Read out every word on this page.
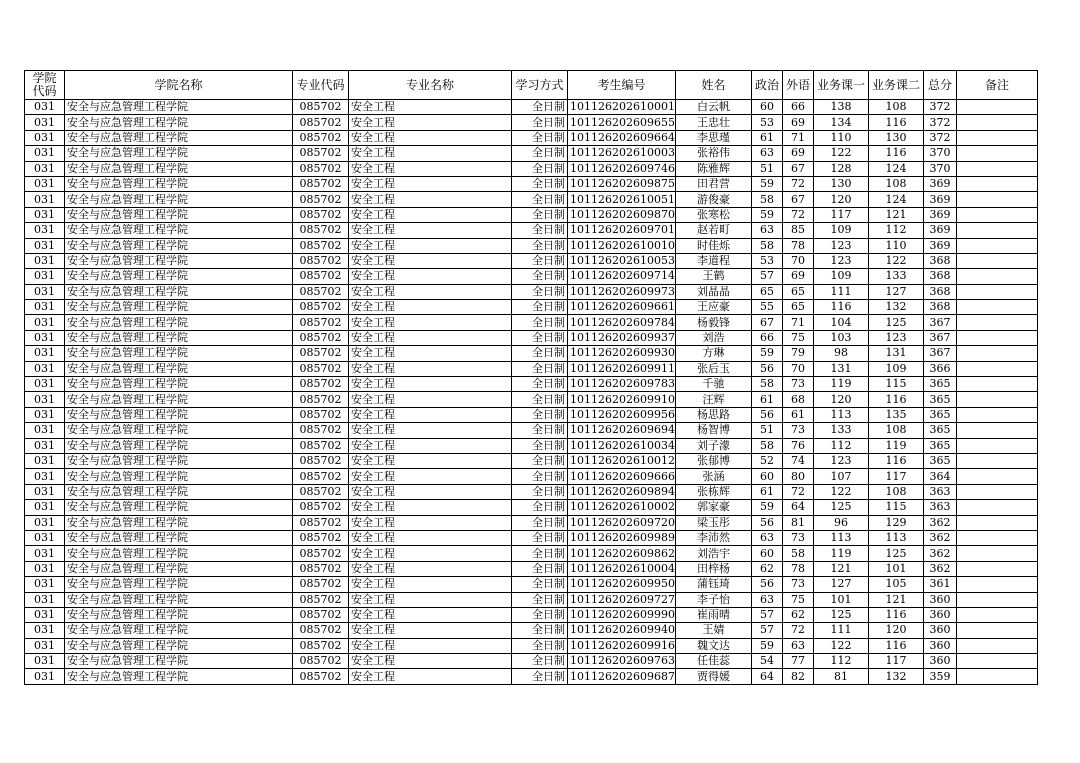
学院代码	学院名称	专业代码	专业名称	学习方式	考生编号	姓名	政治	外语	业务课一	业务课二	总分	备注
031	安全与应急管理工程学院	085702	安全工程	全日制	101126202610001	白云帆	60	66	138	108	372	
031	安全与应急管理工程学院	085702	安全工程	全日制	101126202609655	王忠壮	53	69	134	116	372	
031	安全与应急管理工程学院	085702	安全工程	全日制	101126202609664	李思瑾	61	71	110	130	372	
031	安全与应急管理工程学院	085702	安全工程	全日制	101126202610003	张裕伟	63	69	122	116	370	
031	安全与应急管理工程学院	085702	安全工程	全日制	101126202609746	陈雅辉	51	67	128	124	370	
031	安全与应急管理工程学院	085702	安全工程	全日制	101126202609875	田君营	59	72	130	108	369	
031	安全与应急管理工程学院	085702	安全工程	全日制	101126202610051	游俊豪	58	67	120	124	369	
031	安全与应急管理工程学院	085702	安全工程	全日制	101126202609870	张寒松	59	72	117	121	369	
031	安全与应急管理工程学院	085702	安全工程	全日制	101126202609701	赵若町	63	85	109	112	369	
031	安全与应急管理工程学院	085702	安全工程	全日制	101126202610010	时佳烁	58	78	123	110	369	
031	安全与应急管理工程学院	085702	安全工程	全日制	101126202610053	李道程	53	70	123	122	368	
031	安全与应急管理工程学院	085702	安全工程	全日制	101126202609714	王鹤	57	69	109	133	368	
031	安全与应急管理工程学院	085702	安全工程	全日制	101126202609973	刘晶晶	65	65	111	127	368	
031	安全与应急管理工程学院	085702	安全工程	全日制	101126202609661	王应豪	55	65	116	132	368	
031	安全与应急管理工程学院	085702	安全工程	全日制	101126202609784	杨毅锋	67	71	104	125	367	
031	安全与应急管理工程学院	085702	安全工程	全日制	101126202609937	刘浩	66	75	103	123	367	
031	安全与应急管理工程学院	085702	安全工程	全日制	101126202609930	方琳	59	79	98	131	367	
031	安全与应急管理工程学院	085702	安全工程	全日制	101126202609911	张后玉	56	70	131	109	366	
031	安全与应急管理工程学院	085702	安全工程	全日制	101126202609783	千驰	58	73	119	115	365	
031	安全与应急管理工程学院	085702	安全工程	全日制	101126202609910	汪辉	61	68	120	116	365	
031	安全与应急管理工程学院	085702	安全工程	全日制	101126202609956	杨思路	56	61	113	135	365	
031	安全与应急管理工程学院	085702	安全工程	全日制	101126202609694	杨智博	51	73	133	108	365	
031	安全与应急管理工程学院	085702	安全工程	全日制	101126202610034	刘子濛	58	76	112	119	365	
031	安全与应急管理工程学院	085702	安全工程	全日制	101126202610012	张郁博	52	74	123	116	365	
031	安全与应急管理工程学院	085702	安全工程	全日制	101126202609666	张涵	60	80	107	117	364	
031	安全与应急管理工程学院	085702	安全工程	全日制	101126202609894	张栋辉	61	72	122	108	363	
031	安全与应急管理工程学院	085702	安全工程	全日制	101126202610002	郭家豪	59	64	125	115	363	
031	安全与应急管理工程学院	085702	安全工程	全日制	101126202609720	梁玉彤	56	81	96	129	362	
031	安全与应急管理工程学院	085702	安全工程	全日制	101126202609989	李沛然	63	73	113	113	362	
031	安全与应急管理工程学院	085702	安全工程	全日制	101126202609862	刘浩宇	60	58	119	125	362	
031	安全与应急管理工程学院	085702	安全工程	全日制	101126202610004	田梓杨	62	78	121	101	362	
031	安全与应急管理工程学院	085702	安全工程	全日制	101126202609950	蒲钰琦	56	73	127	105	361	
031	安全与应急管理工程学院	085702	安全工程	全日制	101126202609727	李子怡	63	75	101	121	360	
031	安全与应急管理工程学院	085702	安全工程	全日制	101126202609990	崔雨晴	57	62	125	116	360	
031	安全与应急管理工程学院	085702	安全工程	全日制	101126202609940	王婧	57	72	111	120	360	
031	安全与应急管理工程学院	085702	安全工程	全日制	101126202609916	魏文达	59	63	122	116	360	
031	安全与应急管理工程学院	085702	安全工程	全日制	101126202609763	任佳蕊	54	77	112	117	360	
031	安全与应急管理工程学院	085702	安全工程	全日制	101126202609687	贾得媛	64	82	81	132	359	
